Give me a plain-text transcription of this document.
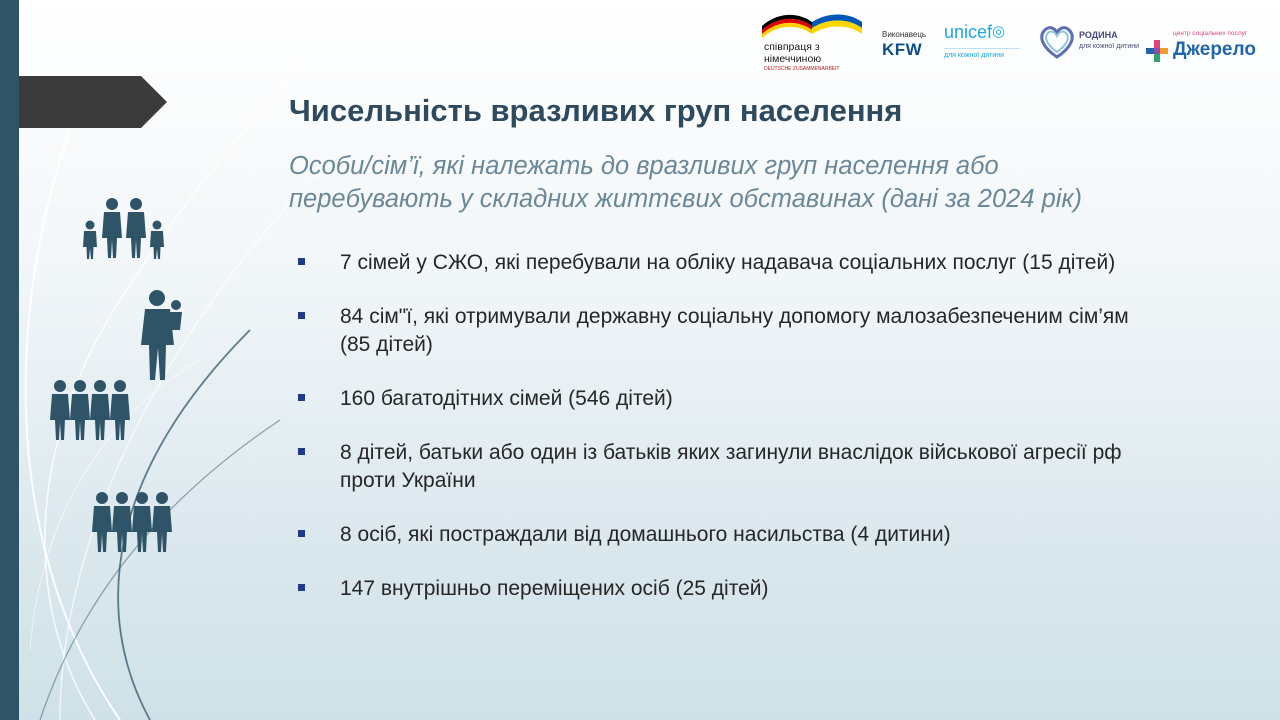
співпраця з
німеччиною
DEUTSCHE ZUSAMMENARBEIT
Виконавець
KFW
unicef◎
для кожної дитини
РОДИНА
для кожної дитини
центр соціальних послуг
Джерело
Чисельність вразливих груп населення

Особи/сім’ї, які належать до вразливих груп населення або перебувають у складних життєвих обставинах (дані за 2024 рік)

7 сімей у СЖО, які перебували на обліку надавача соціальних послуг (15 дітей)
84 сім"ї, які отримували державну соціальну допомогу малозабезпеченим сім’ям (85 дітей)
160 багатодітних сімей (546 дітей)
8 дітей, батьки або один із батьків яких загинули внаслідок військової агресії рф проти України
8 осіб, які постраждали від домашнього насильства (4 дитини)
147 внутрішньо переміщених осіб (25 дітей)
